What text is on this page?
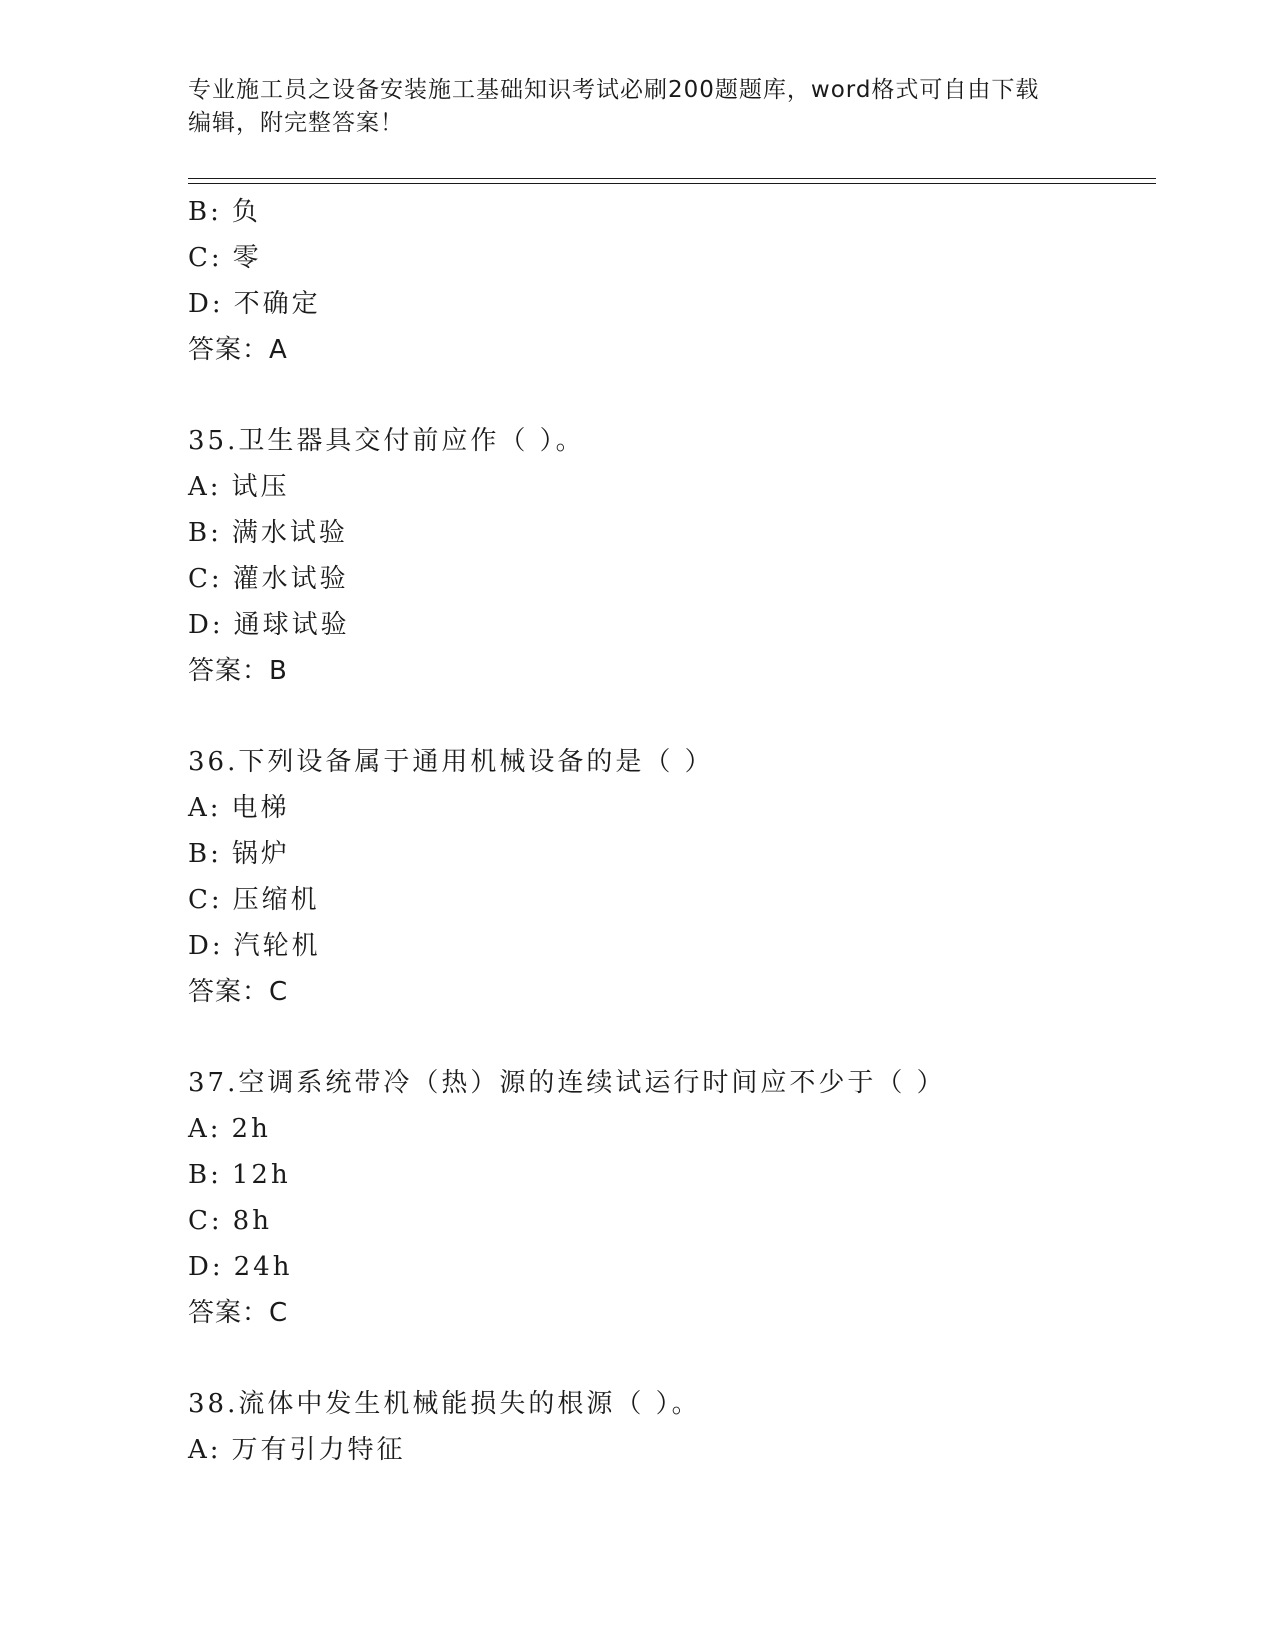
专业施工员之设备安装施工基础知识考试必刷200题题库，word格式可自由下载
编辑，附完整答案！
B: 负
C: 零
D: 不确定
答案：A
35.卫生器具交付前应作（ ）。
A: 试压
B: 满水试验
C: 灌水试验
D: 通球试验
答案：B
36.下列设备属于通用机械设备的是（ ）
A: 电梯
B: 锅炉
C: 压缩机
D: 汽轮机
答案：C
37.空调系统带冷（热）源的连续试运行时间应不少于（ ）
A: 2h
B: 12h
C: 8h
D: 24h
答案：C
38.流体中发生机械能损失的根源（ ）。
A: 万有引力特征
